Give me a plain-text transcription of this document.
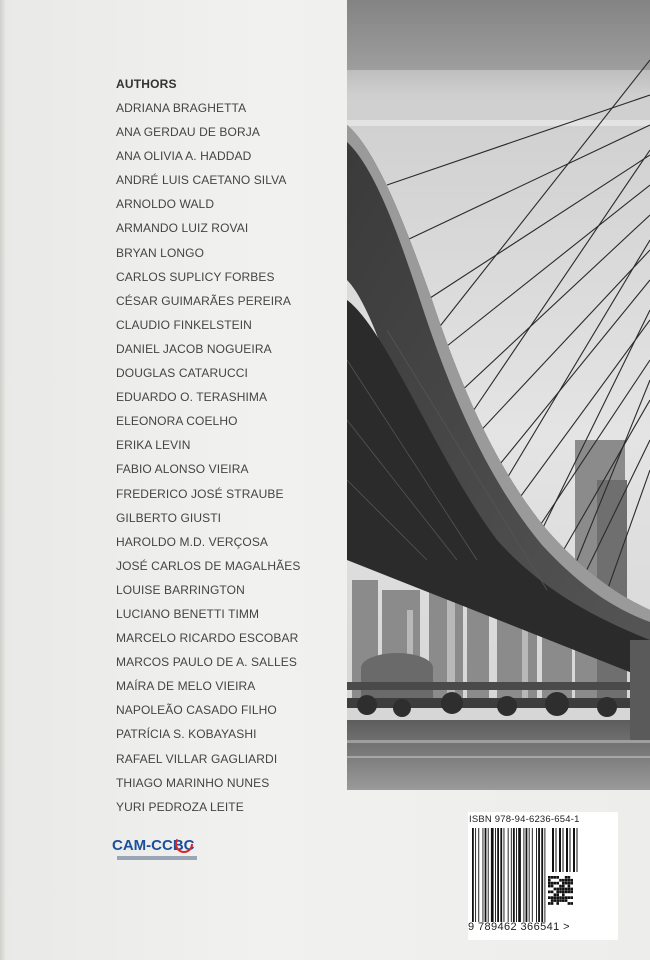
AUTHORS
ADRIANA BRAGHETTA
ANA GERDAU DE BORJA
ANA OLIVIA A. HADDAD
ANDRÉ LUIS CAETANO SILVA
ARNOLDO WALD
ARMANDO LUIZ ROVAI
BRYAN LONGO
CARLOS SUPLICY FORBES
CÉSAR GUIMARÃES PEREIRA
CLAUDIO FINKELSTEIN
DANIEL JACOB NOGUEIRA
DOUGLAS CATARUCCI
EDUARDO O. TERASHIMA
ELEONORA COELHO
ERIKA LEVIN
FABIO ALONSO VIEIRA
FREDERICO JOSÉ STRAUBE
GILBERTO GIUSTI
HAROLDO M.D. VERÇOSA
JOSÉ CARLOS DE MAGALHÃES
LOUISE BARRINGTON
LUCIANO BENETTI TIMM
MARCELO RICARDO ESCOBAR
MARCOS PAULO DE A. SALLES
MAÍRA DE MELO VIEIRA
NAPOLEÃO CASADO FILHO
PATRÍCIA S. KOBAYASHI
RAFAEL VILLAR GAGLIARDI
THIAGO MARINHO NUNES
YURI PEDROZA LEITE
CAM-CCBC
ISBN 978-94-6236-654-1
9 789462 366541 >
